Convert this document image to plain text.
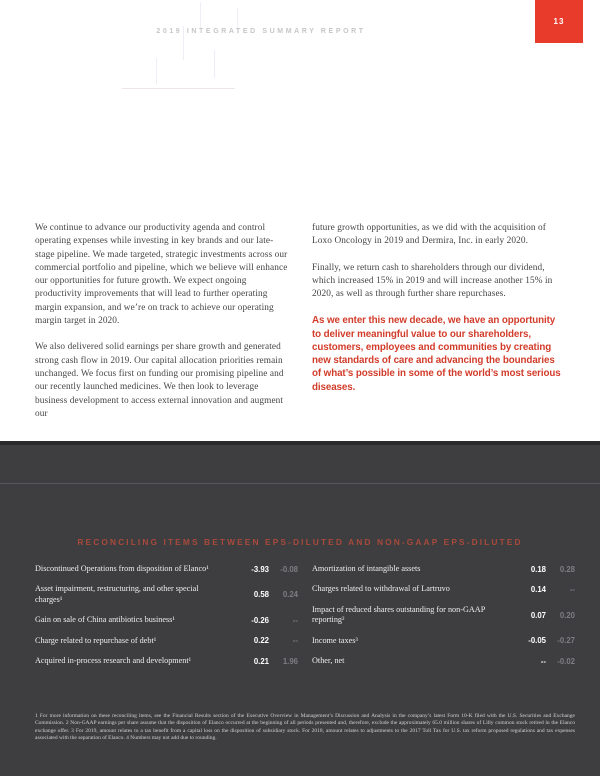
2019 INTEGRATED SUMMARY REPORT
13

We continue to advance our productivity agenda and control operating expenses while investing in key brands and our late-stage pipeline. We made targeted, strategic investments across our commercial portfolio and pipeline, which we believe will enhance our opportunities for future growth. We expect ongoing productivity improvements that will lead to further operating margin expansion, and we’re on track to achieve our operating margin target in 2020.

We also delivered solid earnings per share growth and generated strong cash flow in 2019. Our capital allocation priorities remain unchanged. We focus first on funding our promising pipeline and our recently launched medicines. We then look to leverage business development to access external innovation and augment our

future growth opportunities, as we did with the acquisition of Loxo Oncology in 2019 and Dermira, Inc. in early 2020.

Finally, we return cash to shareholders through our dividend, which increased 15% in 2019 and will increase another 15% in 2020, as well as through further share repurchases.

As we enter this new decade, we have an opportunity to deliver meaningful value to our shareholders, customers, employees and communities by creating new standards of care and advancing the boundaries of what’s possible in some of the world’s most serious diseases.

RECONCILING ITEMS BETWEEN EPS-DILUTED AND NON-GAAP EPS-DILUTED
Discontinued Operations from disposition of Elanco¹	-3.93	-0.08
Asset impairment, restructuring, and other special charges¹	0.58	0.24
Gain on sale of China antibiotics business¹	-0.26	--
Charge related to repurchase of debt¹	0.22	--
Acquired in-process research and development¹	0.21	1.96
Amortization of intangible assets	0.18	0.28
Charges related to withdrawal of Lartruvo	0.14	--
Impact of reduced shares outstanding for non-GAAP reporting²	0.07	0.20
Income taxes³	-0.05	-0.27
Other, net	--	-0.02
1 For more information on these reconciling items, see the Financial Results section of the Executive Overview in Management’s Discussion and Analysis in the company’s latest Form 10-K filed with the U.S. Securities and Exchange Commission. 2 Non-GAAP earnings per share assume that the disposition of Elanco occurred at the beginning of all periods presented and, therefore, exclude the approximately 65.0 million shares of Lilly common stock retired in the Elanco exchange offer. 3 For 2019, amount relates to a tax benefit from a capital loss on the disposition of subsidiary stock. For 2018, amount relates to adjustments to the 2017 Toll Tax for U.S. tax reform proposed regulations and tax expenses associated with the separation of Elanco. 4 Numbers may not add due to rounding.
